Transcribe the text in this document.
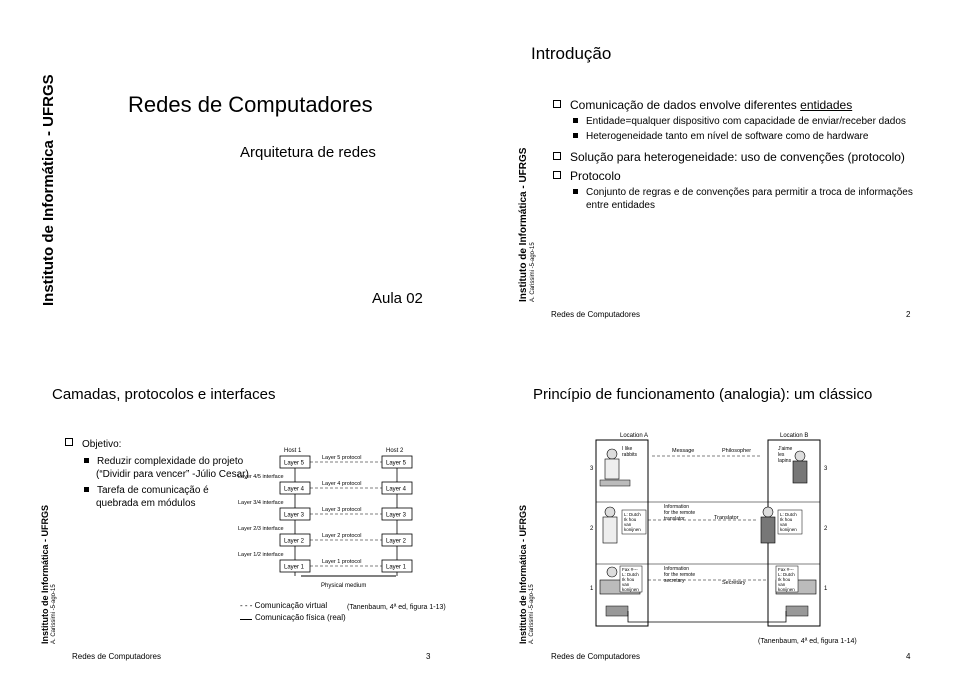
Instituto de Informática - UFRGS	Redes de Computadores
Arquitetura de redes
Aula 02
Introdução
Instituto de Informática - UFRGS A. Carissimi -5-ago-15
Comunicação de dados envolve diferentes entidades
Entidade=qualquer dispositivo com capacidade de enviar/receber dados
Heterogeneidade tanto em nível de software como de hardware
Solução para heterogeneidade: uso de convenções (protocolo)
Protocolo
Conjunto de regras e de convenções para permitir a troca de informações
entre entidades
Redes de Computadores	2
Camadas, protocolos e interfaces
Instituto de Informática - UFRGS A. Carissimi -5-ago-15
Objetivo:
Reduzir complexidade do projeto
(“Dividir para vencer” -Júlio Cesar)
Tarefa de comunicação é
quebrada em módulos
Host 1	Host 2
Layer 5
Layer 4
Layer 3
Layer 2
Layer 1
Layer 5
Layer 4
Layer 3
Layer 2
Layer 1
Layer 5 protocol
Layer 4 protocol
Layer 3 protocol
Layer 2 protocol
Layer 1 protocol
Layer 4/5 interface
Layer 3/4 interface
Layer 2/3 interface
Layer 1/2 interface
Physical medium
- - - Comunicação virtual
Comunicação física (real)
(Tanenbaum, 4ª ed, figura 1-13)
Redes de Computadores	3
Princípio de funcionamento (analogia): um clássico
Instituto de Informática - UFRGS A. Carissimi -5-ago-15
Location A	Location B
3
2
1
3
2
1
I like rabbits
J'aime les lapins
Message	Philosopher
L: Dutch Ik hou van konijnen
L: Dutch Ik hou van konijnen
Information for the remote translator	Translator
Fax #---L: Dutch Ik hou van konijnen
Fax #---L: Dutch Ik hou van konijnen
Information for the remote secretary	Secretary
(Tanenbaum, 4ª ed, figura 1-14)
Redes de Computadores	4
